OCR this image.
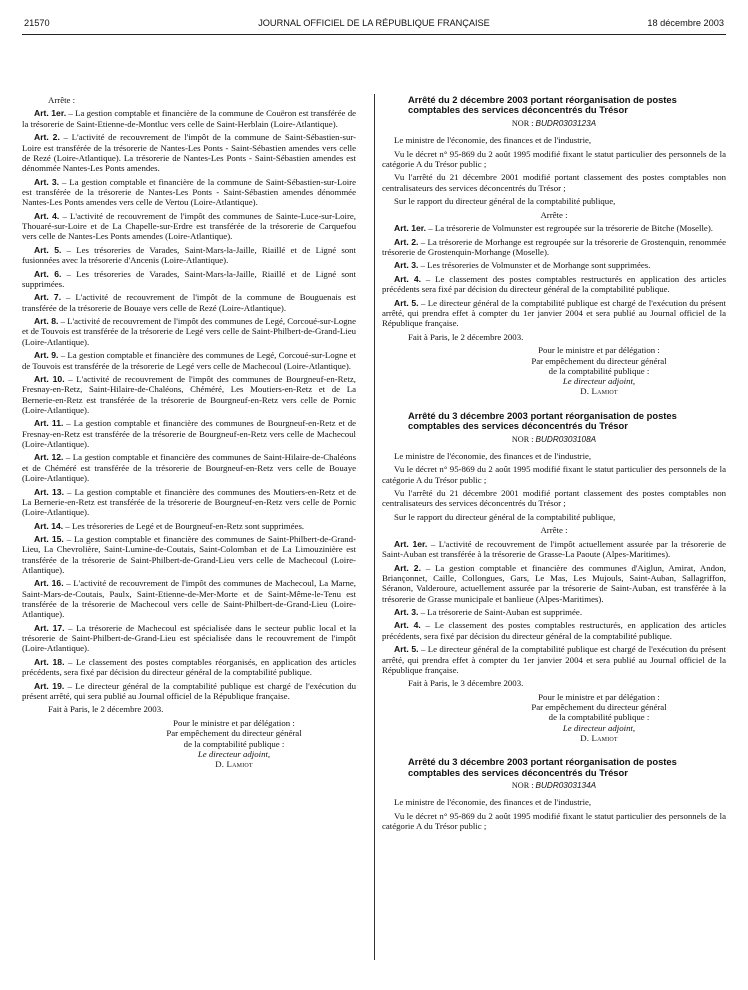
21570	JOURNAL OFFICIEL DE LA RÉPUBLIQUE FRANÇAISE	18 décembre 2003

Arrête :

Art. 1er. – La gestion comptable et financière de la commune de Couëron est transférée de la trésorerie de Saint-Etienne-de-Montluc vers celle de Saint-Herblain (Loire-Atlantique).

Art. 2. – L'activité de recouvrement de l'impôt de la commune de Saint-Sébastien-sur-Loire est transférée de la trésorerie de Nantes-Les Ponts - Saint-Sébastien amendes vers celle de Rezé (Loire-Atlantique). La trésorerie de Nantes-Les Ponts - Saint-Sébastien amendes est dénommée Nantes-Les Ponts amendes.

Art. 3. – La gestion comptable et financière de la commune de Saint-Sébastien-sur-Loire est transférée de la trésorerie de Nantes-Les Ponts - Saint-Sébastien amendes dénommée Nantes-Les Ponts amendes vers celle de Vertou (Loire-Atlantique).

Art. 4. – L'activité de recouvrement de l'impôt des communes de Sainte-Luce-sur-Loire, Thouaré-sur-Loire et de La Chapelle-sur-Erdre est transférée de la trésorerie de Carquefou vers celle de Nantes-Les Ponts amendes (Loire-Atlantique).

Art. 5. – Les trésoreries de Varades, Saint-Mars-la-Jaille, Riaillé et de Ligné sont fusionnées avec la trésorerie d'Ancenis (Loire-Atlantique).

Art. 6. – Les trésoreries de Varades, Saint-Mars-la-Jaille, Riaillé et de Ligné sont supprimées.

Art. 7. – L'activité de recouvrement de l'impôt de la commune de Bouguenais est transférée de la trésorerie de Bouaye vers celle de Rezé (Loire-Atlantique).

Art. 8. – L'activité de recouvrement de l'impôt des communes de Legé, Corcoué-sur-Logne et de Touvois est transférée de la trésorerie de Legé vers celle de Saint-Philbert-de-Grand-Lieu (Loire-Atlantique).

Art. 9. – La gestion comptable et financière des communes de Legé, Corcoué-sur-Logne et de Touvois est transférée de la trésorerie de Legé vers celle de Machecoul (Loire-Atlantique).

Art. 10. – L'activité de recouvrement de l'impôt des communes de Bourgneuf-en-Retz, Fresnay-en-Retz, Saint-Hilaire-de-Chaléons, Chéméré, Les Moutiers-en-Retz et de La Bernerie-en-Retz est transférée de la trésorerie de Bourgneuf-en-Retz vers celle de Pornic (Loire-Atlantique).

Art. 11. – La gestion comptable et financière des communes de Bourgneuf-en-Retz et de Fresnay-en-Retz est transférée de la trésorerie de Bourgneuf-en-Retz vers celle de Machecoul (Loire-Atlantique).

Art. 12. – La gestion comptable et financière des communes de Saint-Hilaire-de-Chaléons et de Chéméré est transférée de la trésorerie de Bourgneuf-en-Retz vers celle de Bouaye (Loire-Atlantique).

Art. 13. – La gestion comptable et financière des communes des Moutiers-en-Retz et de La Bernerie-en-Retz est transférée de la trésorerie de Bourgneuf-en-Retz vers celle de Pornic (Loire-Atlantique).

Art. 14. – Les trésoreries de Legé et de Bourgneuf-en-Retz sont supprimées.

Art. 15. – La gestion comptable et financière des communes de Saint-Philbert-de-Grand-Lieu, La Chevrolière, Saint-Lumine-de-Coutais, Saint-Colomban et de La Limouzinière est transférée de la trésorerie de Saint-Philbert-de-Grand-Lieu vers celle de Machecoul (Loire-Atlantique).

Art. 16. – L'activité de recouvrement de l'impôt des communes de Machecoul, La Marne, Saint-Mars-de-Coutais, Paulx, Saint-Etienne-de-Mer-Morte et de Saint-Même-le-Tenu est transférée de la trésorerie de Machecoul vers celle de Saint-Philbert-de-Grand-Lieu (Loire-Atlantique).

Art. 17. – La trésorerie de Machecoul est spécialisée dans le secteur public local et la trésorerie de Saint-Philbert-de-Grand-Lieu est spécialisée dans le recouvrement de l'impôt (Loire-Atlantique).

Art. 18. – Le classement des postes comptables réorganisés, en application des articles précédents, sera fixé par décision du directeur général de la comptabilité publique.

Art. 19. – Le directeur général de la comptabilité publique est chargé de l'exécution du présent arrêté, qui sera publié au Journal officiel de la République française.

Fait à Paris, le 2 décembre 2003.

Pour le ministre et par délégation :
Par empêchement du directeur général
de la comptabilité publique :
Le directeur adjoint,
D. Lamiot
Arrêté du 2 décembre 2003 portant réorganisation de postes comptables des services déconcentrés du Trésor
NOR : BUDR0303123A

Le ministre de l'économie, des finances et de l'industrie,

Vu le décret n° 95-869 du 2 août 1995 modifié fixant le statut particulier des personnels de la catégorie A du Trésor public ;

Vu l'arrêté du 21 décembre 2001 modifié portant classement des postes comptables non centralisateurs des services déconcentrés du Trésor ;

Sur le rapport du directeur général de la comptabilité publique,

Arrête :

Art. 1er. – La trésorerie de Volmunster est regroupée sur la trésorerie de Bitche (Moselle).

Art. 2. – La trésorerie de Morhange est regroupée sur la trésorerie de Grostenquin, renommée trésorerie de Grostenquin-Morhange (Moselle).

Art. 3. – Les trésoreries de Volmunster et de Morhange sont supprimées.

Art. 4. – Le classement des postes comptables restructurés en application des articles précédents sera fixé par décision du directeur général de la comptabilité publique.

Art. 5. – Le directeur général de la comptabilité publique est chargé de l'exécution du présent arrêté, qui prendra effet à compter du 1er janvier 2004 et sera publié au Journal officiel de la République française.

Fait à Paris, le 2 décembre 2003.

Pour le ministre et par délégation :
Par empêchement du directeur général
de la comptabilité publique :
Le directeur adjoint,
D. Lamiot
Arrêté du 3 décembre 2003 portant réorganisation de postes comptables des services déconcentrés du Trésor
NOR : BUDR0303108A

Le ministre de l'économie, des finances et de l'industrie,

Vu le décret n° 95-869 du 2 août 1995 modifié fixant le statut particulier des personnels de la catégorie A du Trésor public ;

Vu l'arrêté du 21 décembre 2001 modifié portant classement des postes comptables non centralisateurs des services déconcentrés du Trésor ;

Sur le rapport du directeur général de la comptabilité publique,

Arrête :

Art. 1er. – L'activité de recouvrement de l'impôt actuellement assurée par la trésorerie de Saint-Auban est transférée à la trésorerie de Grasse-La Paoute (Alpes-Maritimes).

Art. 2. – La gestion comptable et financière des communes d'Aiglun, Amirat, Andon, Briançonnet, Caille, Collongues, Gars, Le Mas, Les Mujouls, Saint-Auban, Sallagriffon, Séranon, Valderoure, actuellement assurée par la trésorerie de Saint-Auban, est transférée à la trésorerie de Grasse municipale et banlieue (Alpes-Maritimes).

Art. 3. – La trésorerie de Saint-Auban est supprimée.

Art. 4. – Le classement des postes comptables restructurés, en application des articles précédents, sera fixé par décision du directeur général de la comptabilité publique.

Art. 5. – Le directeur général de la comptabilité publique est chargé de l'exécution du présent arrêté, qui prendra effet à compter du 1er janvier 2004 et sera publié au Journal officiel de la République française.

Fait à Paris, le 3 décembre 2003.

Pour le ministre et par délégation :
Par empêchement du directeur général
de la comptabilité publique :
Le directeur adjoint,
D. Lamiot
Arrêté du 3 décembre 2003 portant réorganisation de postes comptables des services déconcentrés du Trésor
NOR : BUDR0303134A

Le ministre de l'économie, des finances et de l'industrie,

Vu le décret n° 95-869 du 2 août 1995 modifié fixant le statut particulier des personnels de la catégorie A du Trésor public ;
